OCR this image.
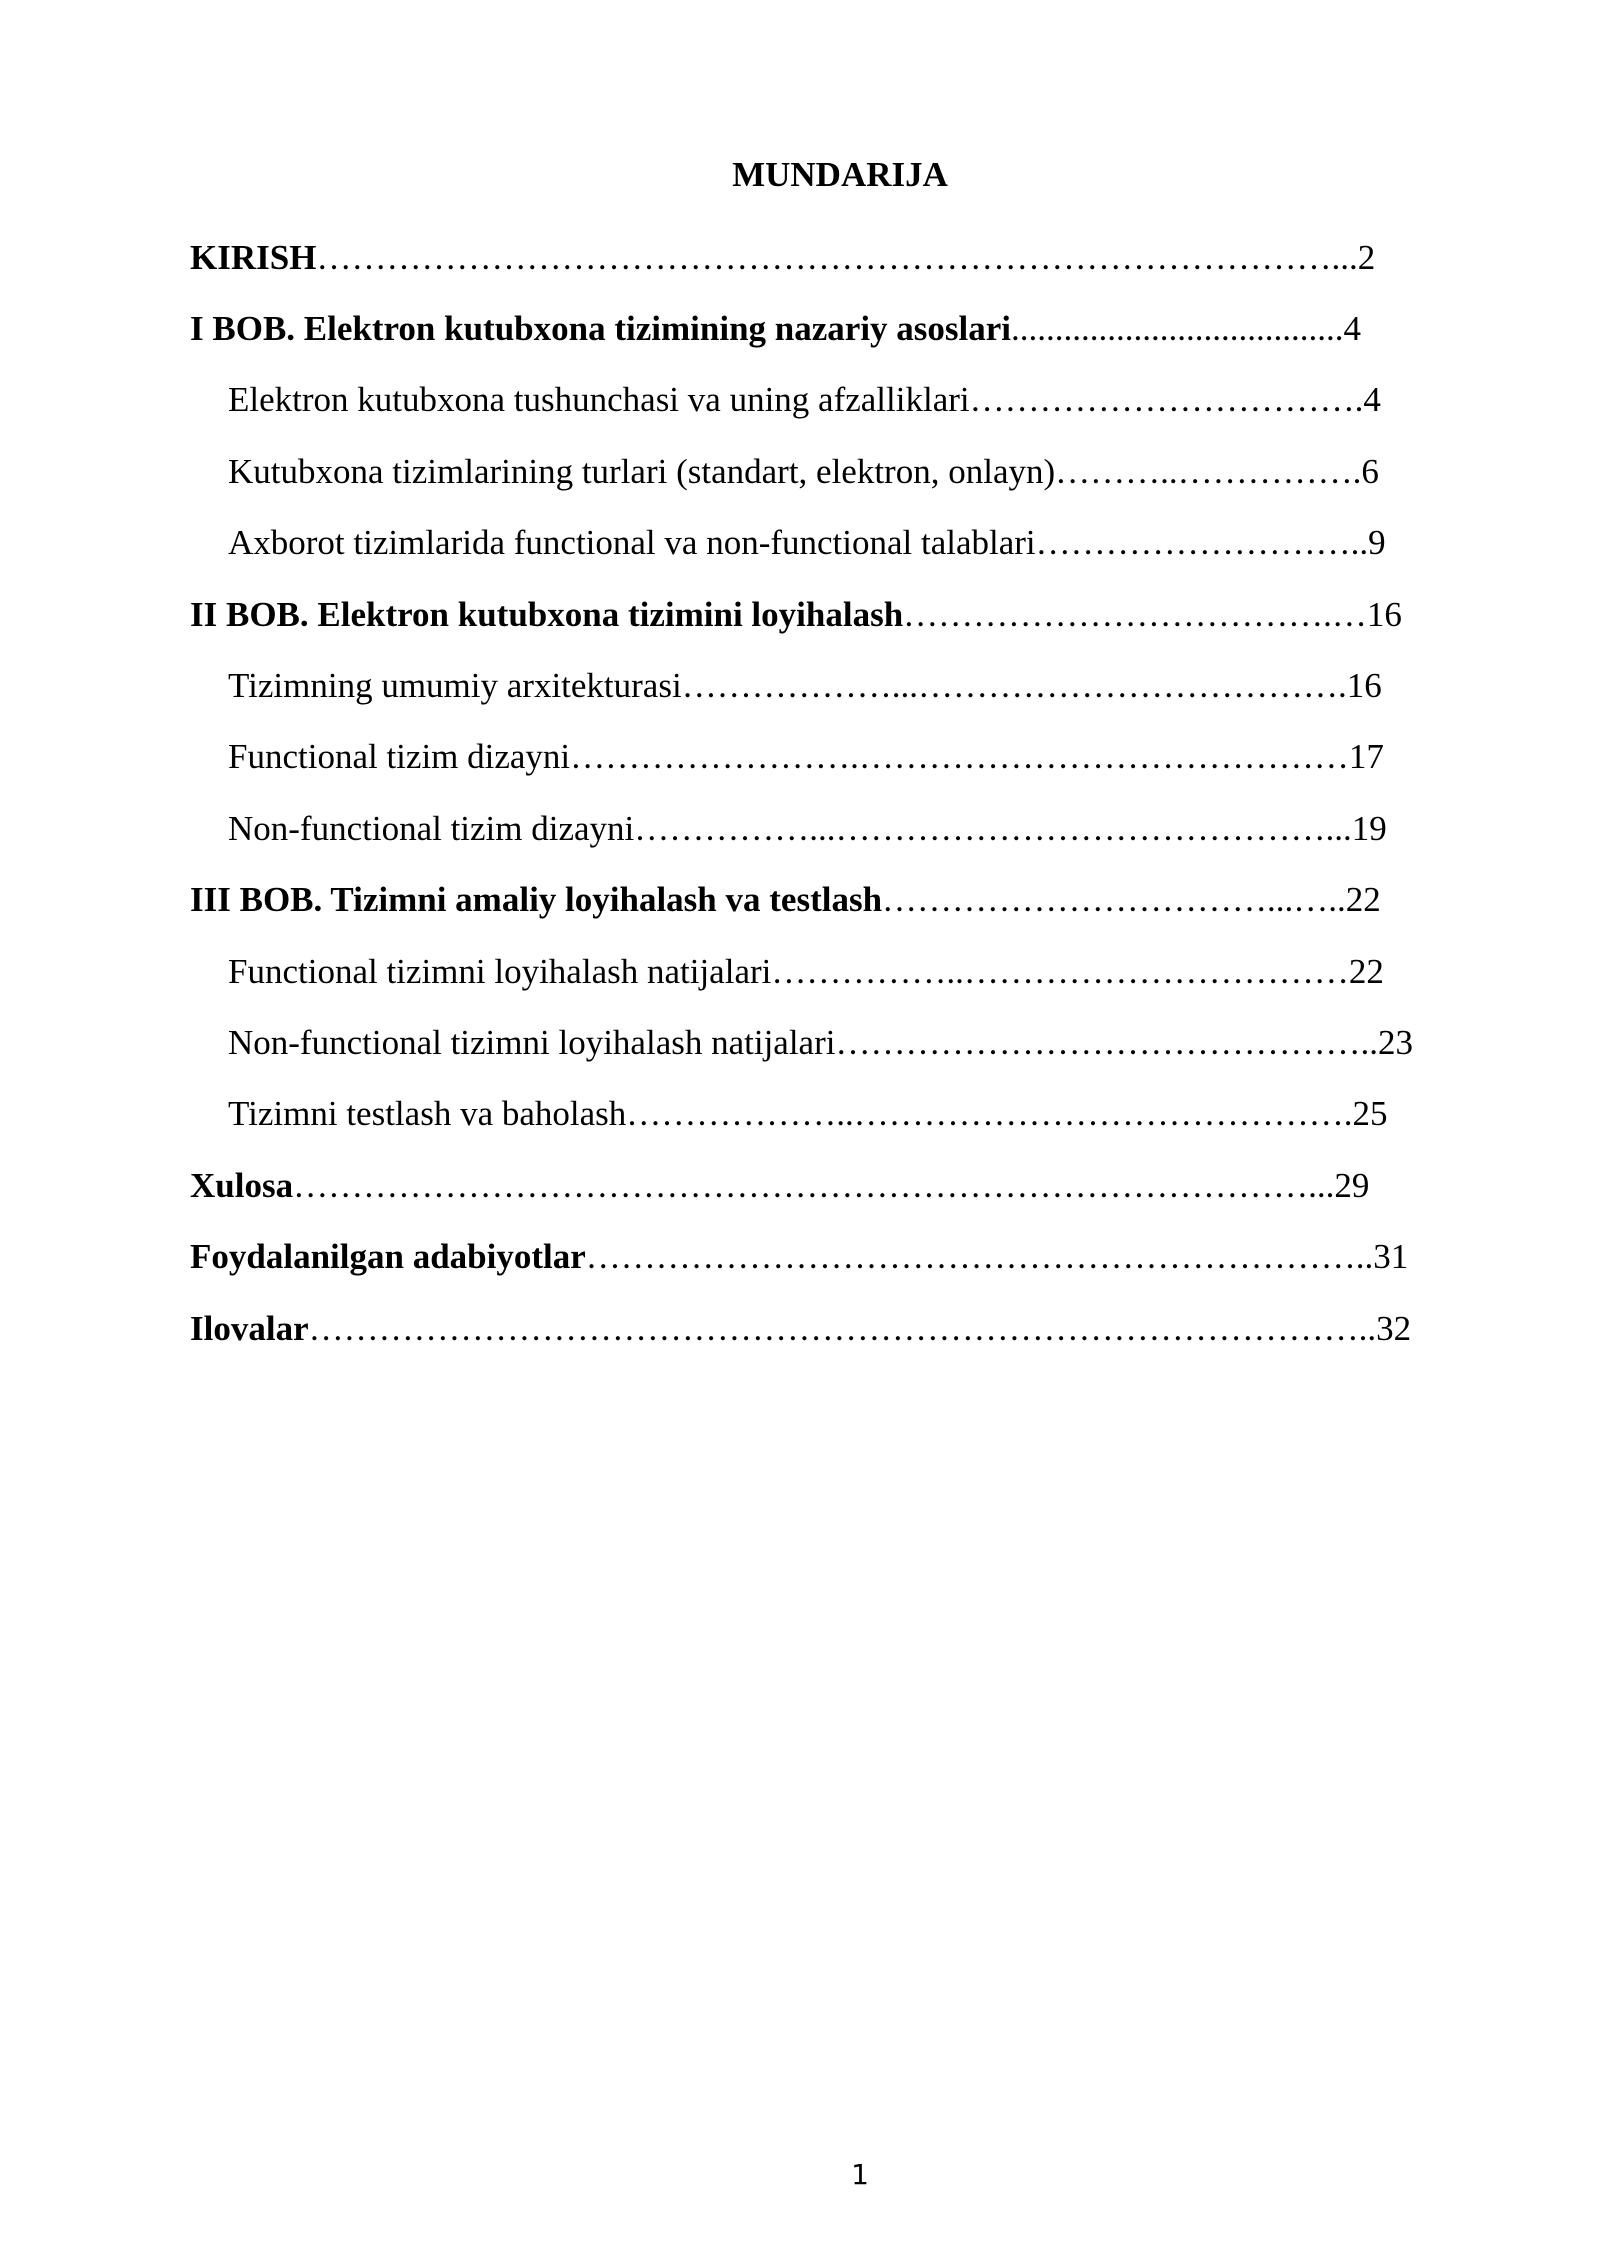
MUNDARIJA
KIRISH ……………………………………………………………………………... 2
I BOB. Elektron kutubxona tizimining nazariy asoslari ...................................... 4
Elektron kutubxona tushunchasi va uning afzalliklari ……………………………. 4
Kutubxona tizimlarining turlari (standart, elektron, onlayn) ………..……………. 6
Axborot tizimlarida functional va non-functional talablari ……………………….. 9
II BOB. Elektron kutubxona tizimini loyihalash ……………………………….… 16
Tizimning umumiy arxitekturasi ………………...………………………………. 16
Functional tizim dizayni …………………….…………………………………… 17
Non-functional tizim dizayni ……………...……………………………………... 19
III BOB. Tizimni amaliy loyihalash va testlash ……………………………...….. 22
Functional tizimni loyihalash natijalari ……………..…………………………… 22
Non-functional tizimni loyihalash natijalari ……………………………………….. 23
Tizimni testlash va baholash ………………..……………………………………. 25
Xulosa ……………………………………………………………………………... 29
Foydalanilgan adabiyotlar ………………………………………………………….. 31
Ilovalar ……………………………………………………………………………….. 32
1
